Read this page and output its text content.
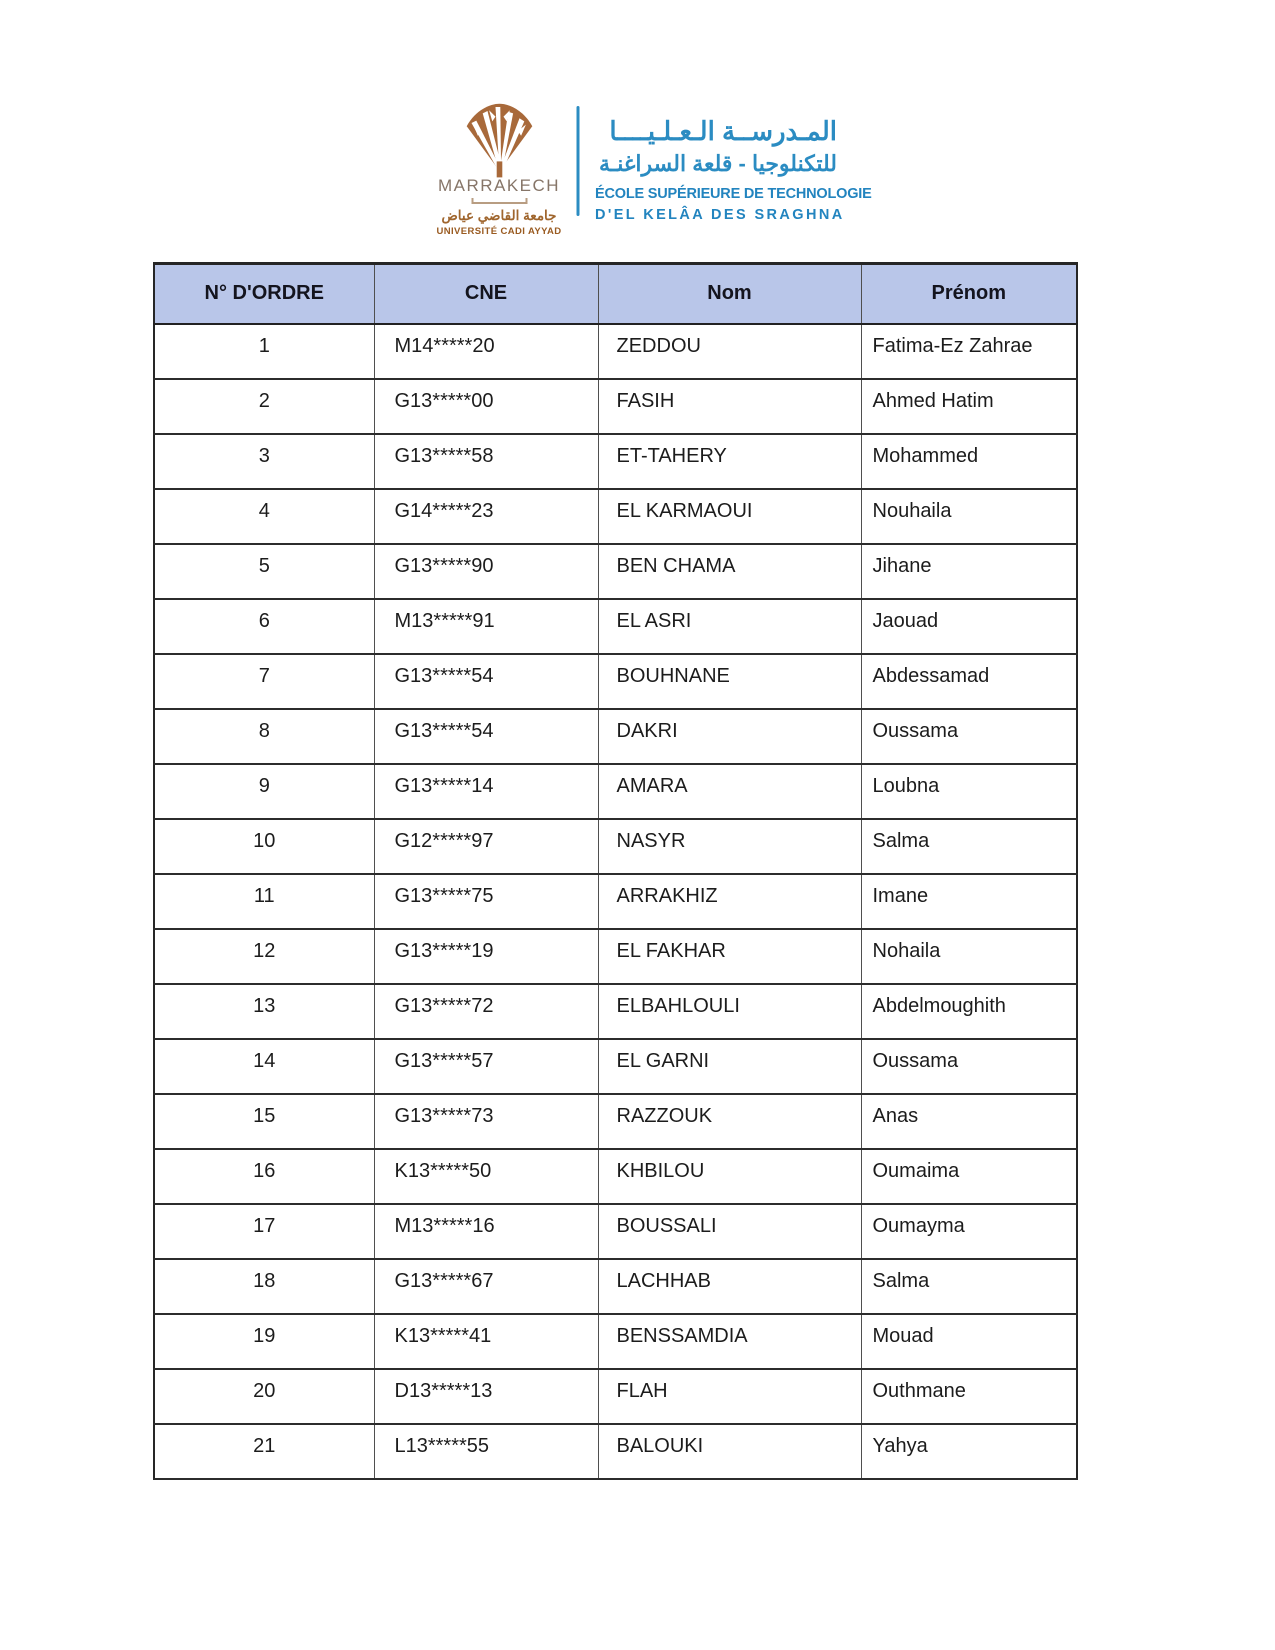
MARRAKECH
جامعة القاضي عياض
UNIVERSITÉ CADI AYYAD
المـدرســة الـعـلـيــــا
للتكنلوجيا - قلعة السراغنـة
ÉCOLE SUPÉRIEURE DE TECHNOLOGIE
D'EL KELÂA DES SRAGHNA
N° D'ORDRE	CNE	Nom	Prénom
1	M14*****20	ZEDDOU	Fatima-Ez Zahrae
2	G13*****00	FASIH	Ahmed Hatim
3	G13*****58	ET-TAHERY	Mohammed
4	G14*****23	EL KARMAOUI	Nouhaila
5	G13*****90	BEN CHAMA	Jihane
6	M13*****91	EL ASRI	Jaouad
7	G13*****54	BOUHNANE	Abdessamad
8	G13*****54	DAKRI	Oussama
9	G13*****14	AMARA	Loubna
10	G12*****97	NASYR	Salma
11	G13*****75	ARRAKHIZ	Imane
12	G13*****19	EL FAKHAR	Nohaila
13	G13*****72	ELBAHLOULI	Abdelmoughith
14	G13*****57	EL GARNI	Oussama
15	G13*****73	RAZZOUK	Anas
16	K13*****50	KHBILOU	Oumaima
17	M13*****16	BOUSSALI	Oumayma
18	G13*****67	LACHHAB	Salma
19	K13*****41	BENSSAMDIA	Mouad
20	D13*****13	FLAH	Outhmane
21	L13*****55	BALOUKI	Yahya
